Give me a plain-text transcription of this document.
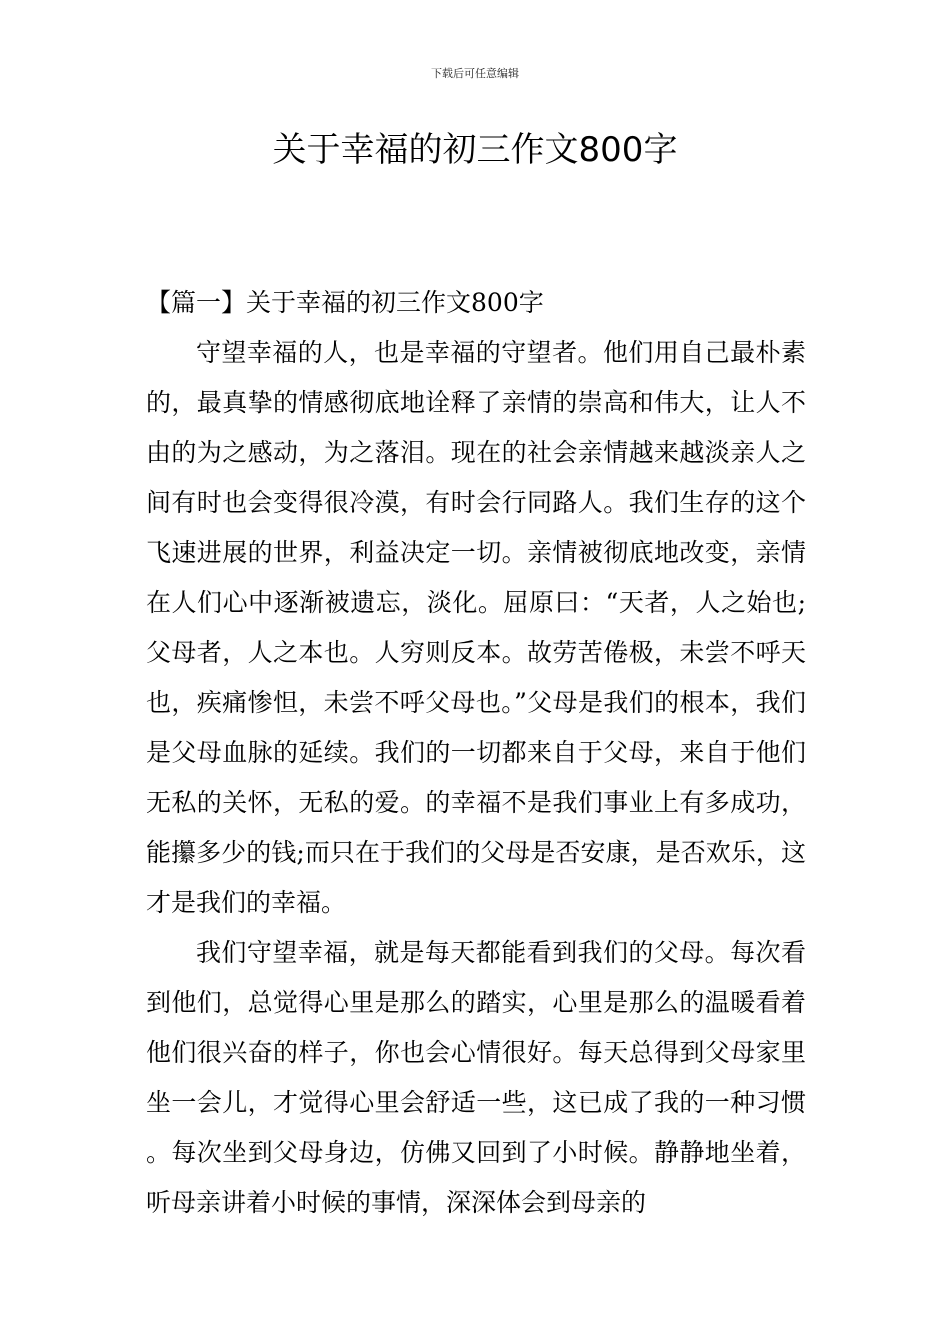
下载后可任意编辑
关于幸福的初三作文800字

【篇一】关于幸福的初三作文800字

守望幸福的人，也是幸福的守望者。他们用自己最朴素的，最真挚的情感彻底地诠释了亲情的崇高和伟大，让人不由的为之感动，为之落泪。现在的社会亲情越来越淡亲人之间有时也会变得很冷漠，有时会行同路人。我们生存的这个飞速进展的世界，利益决定一切。亲情被彻底地改变，亲情在人们心中逐渐被遗忘，淡化。屈原曰：“天者，人之始也;父母者，人之本也。人穷则反本。故劳苦倦极，未尝不呼天也，疾痛惨怛，未尝不呼父母也。”父母是我们的根本，我们是父母血脉的延续。我们的一切都来自于父母，来自于他们无私的关怀，无私的爱。的幸福不是我们事业上有多成功，能攥多少的钱;而只在于我们的父母是否安康，是否欢乐，这才是我们的幸福。

我们守望幸福，就是每天都能看到我们的父母。每次看到他们，总觉得心里是那么的踏实，心里是那么的温暖看着他们很兴奋的样子，你也会心情很好。每天总得到父母家里坐一会儿，才觉得心里会舒适一些，这已成了我的一种习惯。每次坐到父母身边，仿佛又回到了小时候。静静地坐着，听母亲讲着小时候的事情，深深体会到母亲的
